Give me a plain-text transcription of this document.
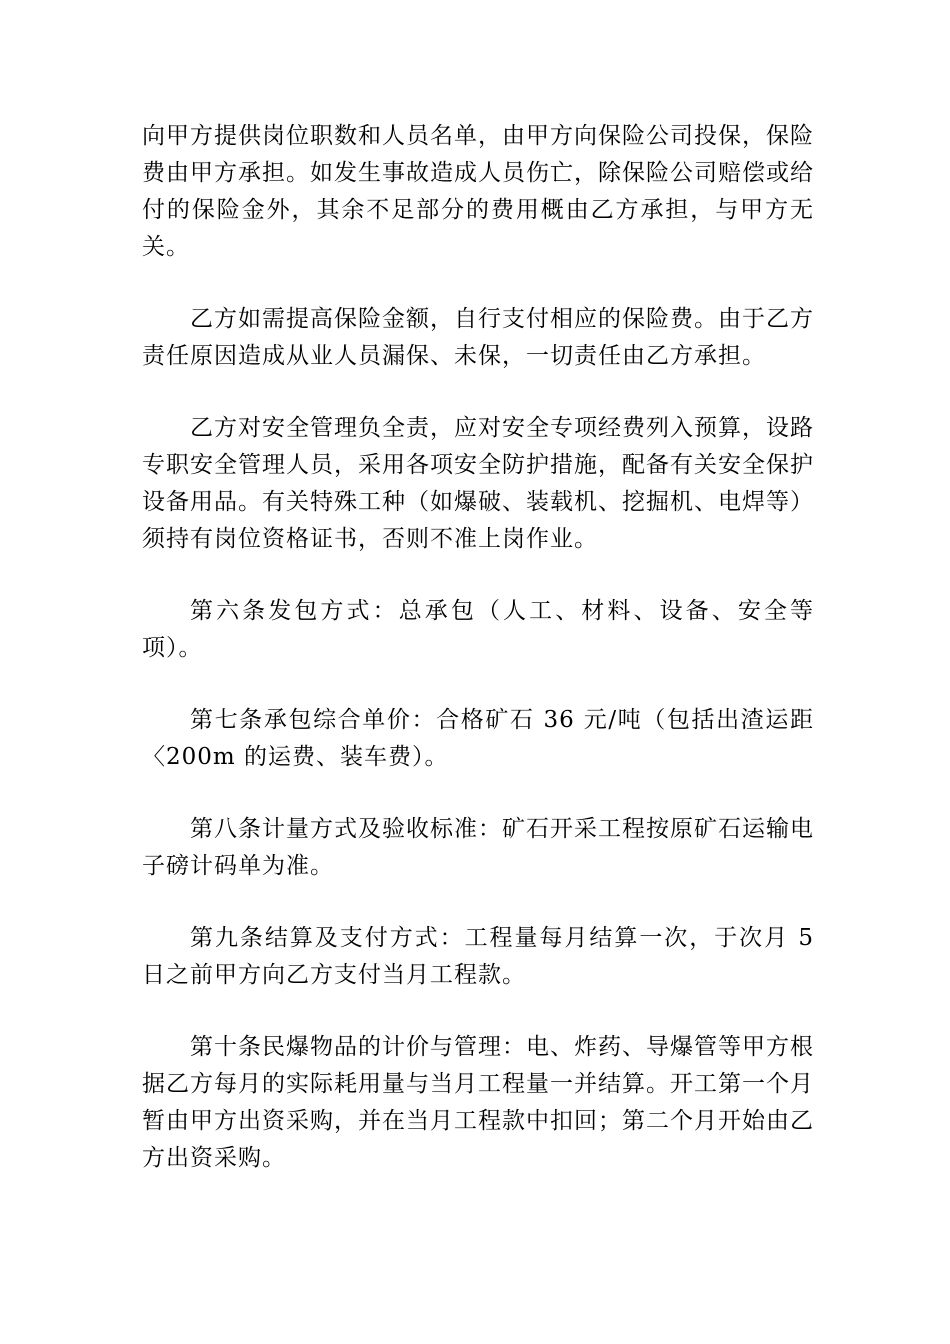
向甲方提供岗位职数和人员名单，由甲方向保险公司投保，保险费由甲方承担。如发生事故造成人员伤亡，除保险公司赔偿或给付的保险金外，其余不足部分的费用概由乙方承担，与甲方无关。

乙方如需提高保险金额，自行支付相应的保险费。由于乙方责任原因造成从业人员漏保、未保，一切责任由乙方承担。

乙方对安全管理负全责，应对安全专项经费列入预算，设路专职安全管理人员，采用各项安全防护措施，配备有关安全保护设备用品。有关特殊工种（如爆破、装载机、挖掘机、电焊等）须持有岗位资格证书，否则不准上岗作业。

第六条发包方式：总承包（人工、材料、设备、安全等项）。

第七条承包综合单价：合格矿石 36 元/吨（包括出渣运距〈200m 的运费、装车费）。

第八条计量方式及验收标准：矿石开采工程按原矿石运输电子磅计码单为准。

第九条结算及支付方式：工程量每月结算一次，于次月 5 日之前甲方向乙方支付当月工程款。

第十条民爆物品的计价与管理：电、炸药、导爆管等甲方根据乙方每月的实际耗用量与当月工程量一并结算。开工第一个月暂由甲方出资采购，并在当月工程款中扣回；第二个月开始由乙方出资采购。
